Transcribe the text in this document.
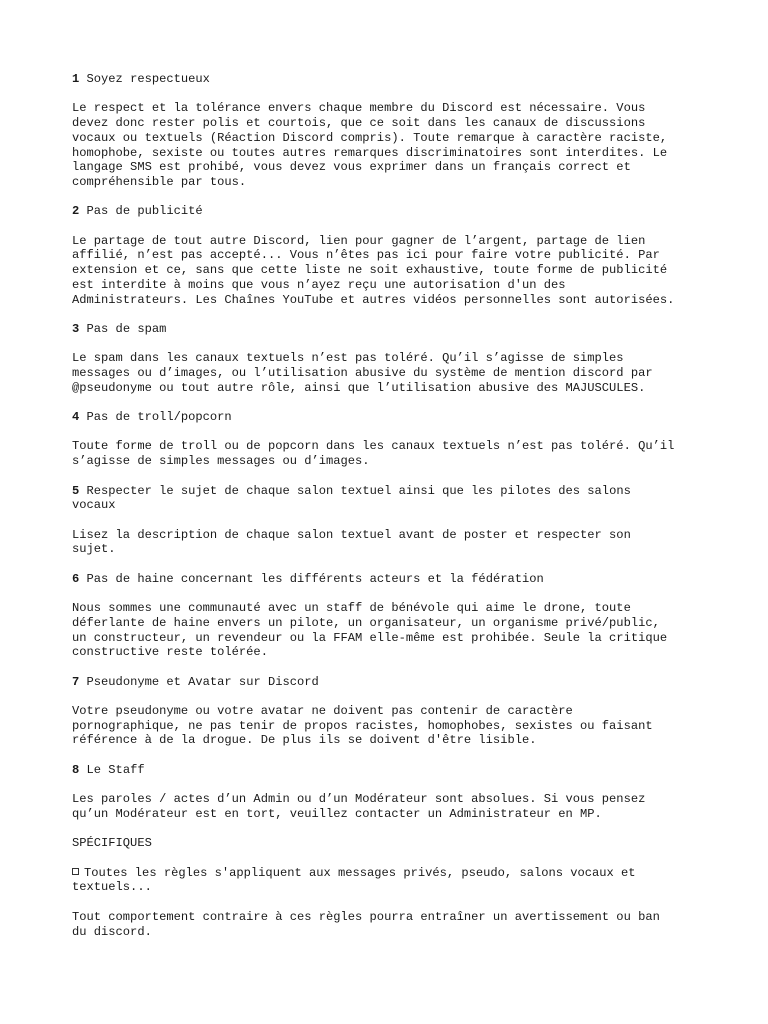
1 Soyez respectueux
Le respect et la tolérance envers chaque membre du Discord est nécessaire. Vous
devez donc rester polis et courtois, que ce soit dans les canaux de discussions
vocaux ou textuels (Réaction Discord compris). Toute remarque à caractère raciste,
homophobe, sexiste ou toutes autres remarques discriminatoires sont interdites. Le
langage SMS est prohibé, vous devez vous exprimer dans un français correct et
compréhensible par tous.
2 Pas de publicité
Le partage de tout autre Discord, lien pour gagner de l’argent, partage de lien
affilié, n’est pas accepté... Vous n’êtes pas ici pour faire votre publicité. Par
extension et ce, sans que cette liste ne soit exhaustive, toute forme de publicité
est interdite à moins que vous n’ayez reçu une autorisation d'un des
Administrateurs. Les Chaînes YouTube et autres vidéos personnelles sont autorisées.
3 Pas de spam
Le spam dans les canaux textuels n’est pas toléré. Qu’il s’agisse de simples
messages ou d’images, ou l’utilisation abusive du système de mention discord par
@pseudonyme ou tout autre rôle, ainsi que l’utilisation abusive des MAJUSCULES.
4 Pas de troll/popcorn
Toute forme de troll ou de popcorn dans les canaux textuels n’est pas toléré. Qu’il
s’agisse de simples messages ou d’images.
5 Respecter le sujet de chaque salon textuel ainsi que les pilotes des salons
vocaux
Lisez la description de chaque salon textuel avant de poster et respecter son
sujet.
6 Pas de haine concernant les différents acteurs et la fédération
Nous sommes une communauté avec un staff de bénévole qui aime le drone, toute
déferlante de haine envers un pilote, un organisateur, un organisme privé/public,
un constructeur, un revendeur ou la FFAM elle-même est prohibée. Seule la critique
constructive reste tolérée.
7 Pseudonyme et Avatar sur Discord
Votre pseudonyme ou votre avatar ne doivent pas contenir de caractère
pornographique, ne pas tenir de propos racistes, homophobes, sexistes ou faisant
référence à de la drogue. De plus ils se doivent d'être lisible.
8 Le Staff
Les paroles / actes d’un Admin ou d’un Modérateur sont absolues. Si vous pensez
qu’un Modérateur est en tort, veuillez contacter un Administrateur en MP.
SPÉCIFIQUES
Toutes les règles s'appliquent aux messages privés, pseudo, salons vocaux et
textuels...
Tout comportement contraire à ces règles pourra entraîner un avertissement ou ban
du discord.
